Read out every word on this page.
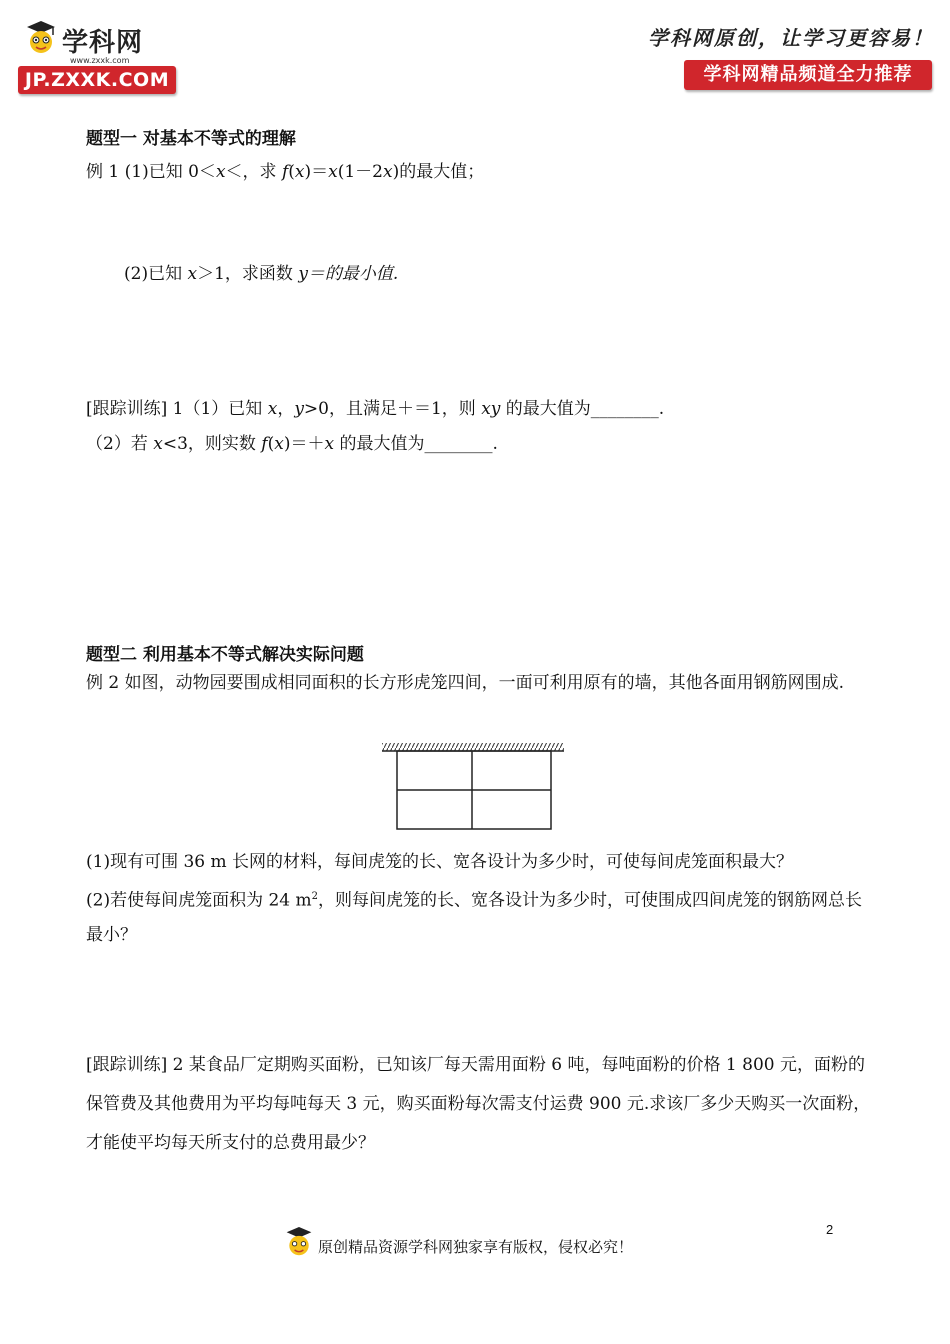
学科网
www.zxxk.com
JP.ZXXK.COM
学科网原创，让学习更容易！
学科网精品频道全力推荐
题型一 对基本不等式的理解
例 1 (1)已知 0＜x＜，求 f(x)＝x(1－2x)的最大值；
(2)已知 x＞1，求函数 y＝的最小值.
[跟踪训练] 1（1）已知 x，y>0，且满足＋＝1，则 xy 的最大值为________.
（2）若 x<3，则实数 f(x)＝＋x 的最大值为________.
题型二 利用基本不等式解决实际问题
例 2 如图，动物园要围成相同面积的长方形虎笼四间，一面可利用原有的墙，其他各面用钢筋网围成.
(1)现有可围 36 m 长网的材料，每间虎笼的长、宽各设计为多少时，可使每间虎笼面积最大？
(2)若使每间虎笼面积为 24 $m^2$，则每间虎笼的长、宽各设计为多少时，可使围成四间虎笼的钢筋网总长最小？
[跟踪训练] 2 某食品厂定期购买面粉，已知该厂每天需用面粉 6 吨，每吨面粉的价格 1 800 元，面粉的保管费及其他费用为平均每吨每天 3 元，购买面粉每次需支付运费 900 元.求该厂多少天购买一次面粉，才能使平均每天所支付的总费用最少？
2
原创精品资源学科网独家享有版权，侵权必究！
